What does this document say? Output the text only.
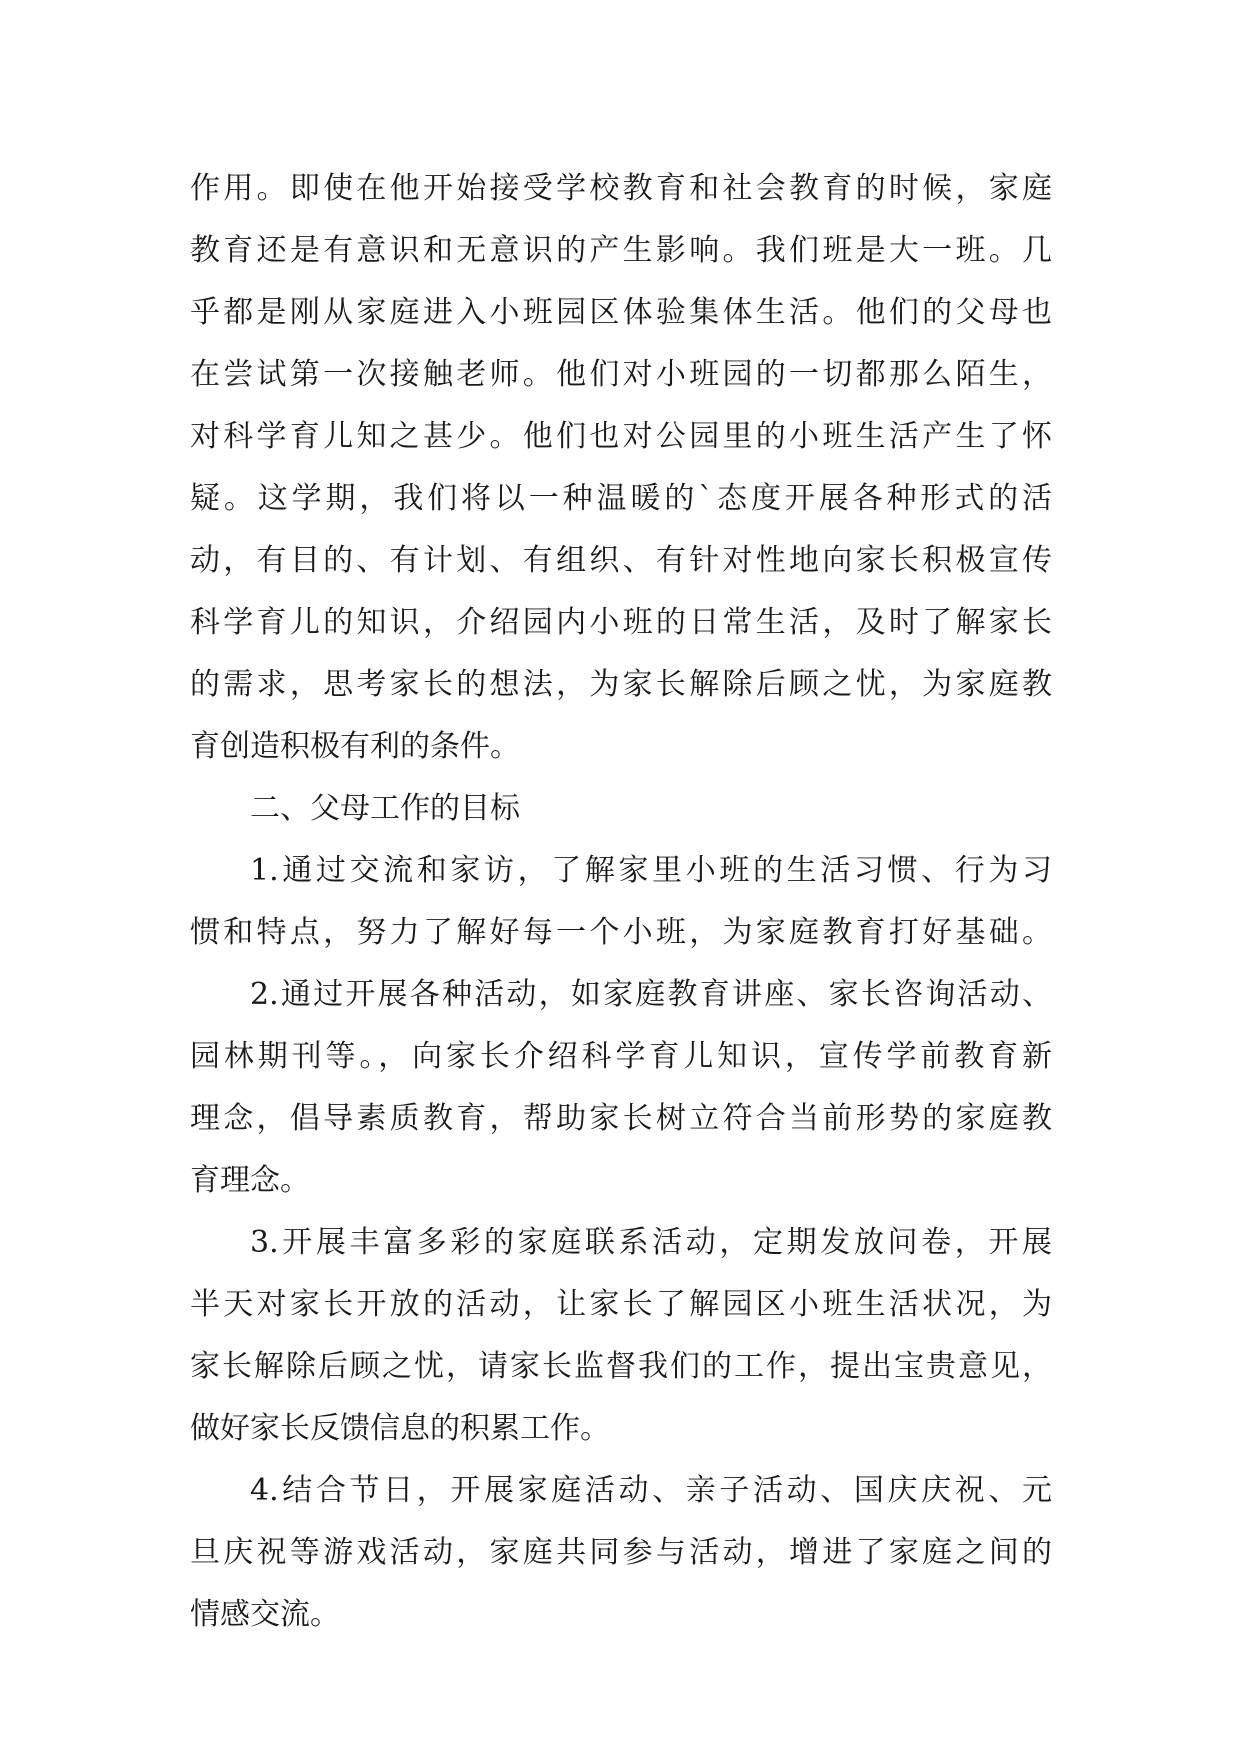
作用。即使在他开始接受学校教育和社会教育的时候，家庭
教育还是有意识和无意识的产生影响。我们班是大一班。几
乎都是刚从家庭进入小班园区体验集体生活。他们的父母也
在尝试第一次接触老师。他们对小班园的一切都那么陌生，
对科学育儿知之甚少。他们也对公园里的小班生活产生了怀
疑。这学期，我们将以一种温暖的`态度开展各种形式的活
动，有目的、有计划、有组织、有针对性地向家长积极宣传
科学育儿的知识，介绍园内小班的日常生活，及时了解家长
的需求，思考家长的想法，为家长解除后顾之忧，为家庭教
育创造积极有利的条件。
二、父母工作的目标
1.通过交流和家访，了解家里小班的生活习惯、行为习
惯和特点，努力了解好每一个小班，为家庭教育打好基础。
2.通过开展各种活动，如家庭教育讲座、家长咨询活动、
园林期刊等。，向家长介绍科学育儿知识，宣传学前教育新
理念，倡导素质教育，帮助家长树立符合当前形势的家庭教
育理念。
3.开展丰富多彩的家庭联系活动，定期发放问卷，开展
半天对家长开放的活动，让家长了解园区小班生活状况，为
家长解除后顾之忧，请家长监督我们的工作，提出宝贵意见，
做好家长反馈信息的积累工作。
4.结合节日，开展家庭活动、亲子活动、国庆庆祝、元
旦庆祝等游戏活动，家庭共同参与活动，增进了家庭之间的
情感交流。
